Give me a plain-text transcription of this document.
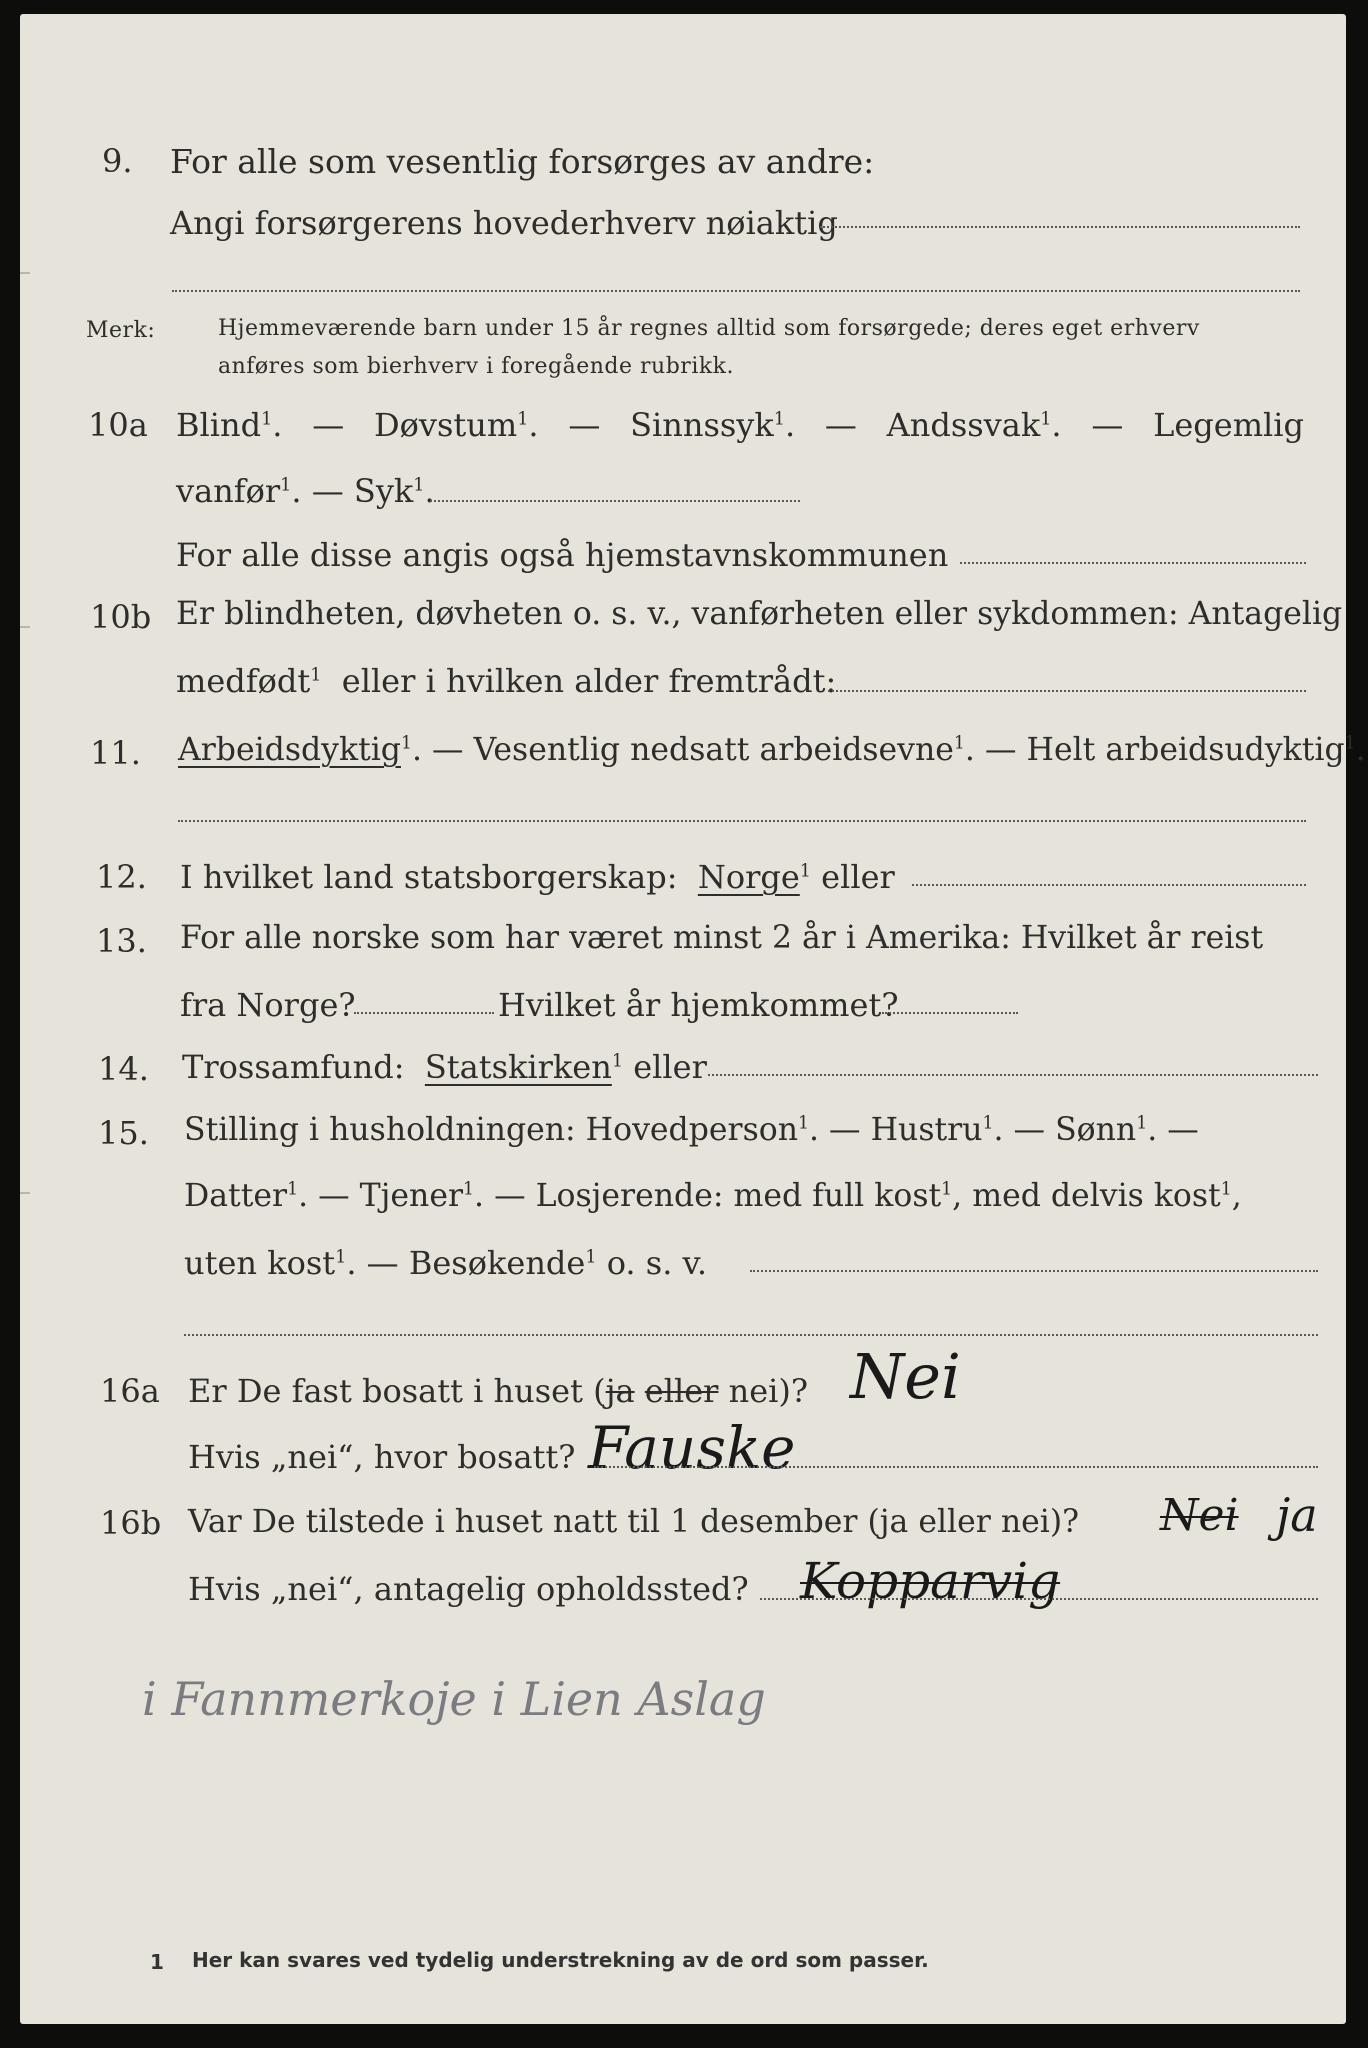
9. For alle som vesentlig forsørges av andre:
Angi forsørgerens hovederhverv nøiaktig
Merk:	Hjemmeværende barn under 15 år regnes alltid som forsørgede; deres eget erhverv
anføres som bierhverv i foregående rubrikk.
10a Blind$^1$. — Døvstum$^1$. — Sinnssyk$^1$. — Andssvak$^1$. — Legemlig
vanfør$^1$. — Syk$^1$.
For alle disse angis også hjemstavnskommunen
10b Er blindheten, døvheten o. s. v., vanførheten eller sykdommen: Antagelig
medfødt$^1$ eller i hvilken alder fremtrådt:
11. Arbeidsdyktig$^1$. — Vesentlig nedsatt arbeidsevne$^1$. — Helt arbeidsudyktig$^1$.
12. I hvilket land statsborgerskap: Norge$^1$ eller
13. For alle norske som har været minst 2 år i Amerika: Hvilket år reist
fra Norge?	Hvilket år hjemkommet?
14. Trossamfund: Statskirken$^1$ eller
15. Stilling i husholdningen: Hovedperson$^1$. — Hustru$^1$. — Sønn$^1$. —
Datter$^1$. — Tjener$^1$. — Losjerende: med full kost$^1$, med delvis kost$^1$,
uten kost$^1$. — Besøkende$^1$ o. s. v.
16a Er De fast bosatt i huset (ja eller nei)? Nei
Hvis „nei“, hvor bosatt? Fauske
16b Var De tilstede i huset natt til 1 desember (ja eller nei)? Nei ja
Hvis „nei“, antagelig opholdssted? Kopparvig
i Fannmerkoje i Lien Aslag
1 Her kan svares ved tydelig understrekning av de ord som passer.
